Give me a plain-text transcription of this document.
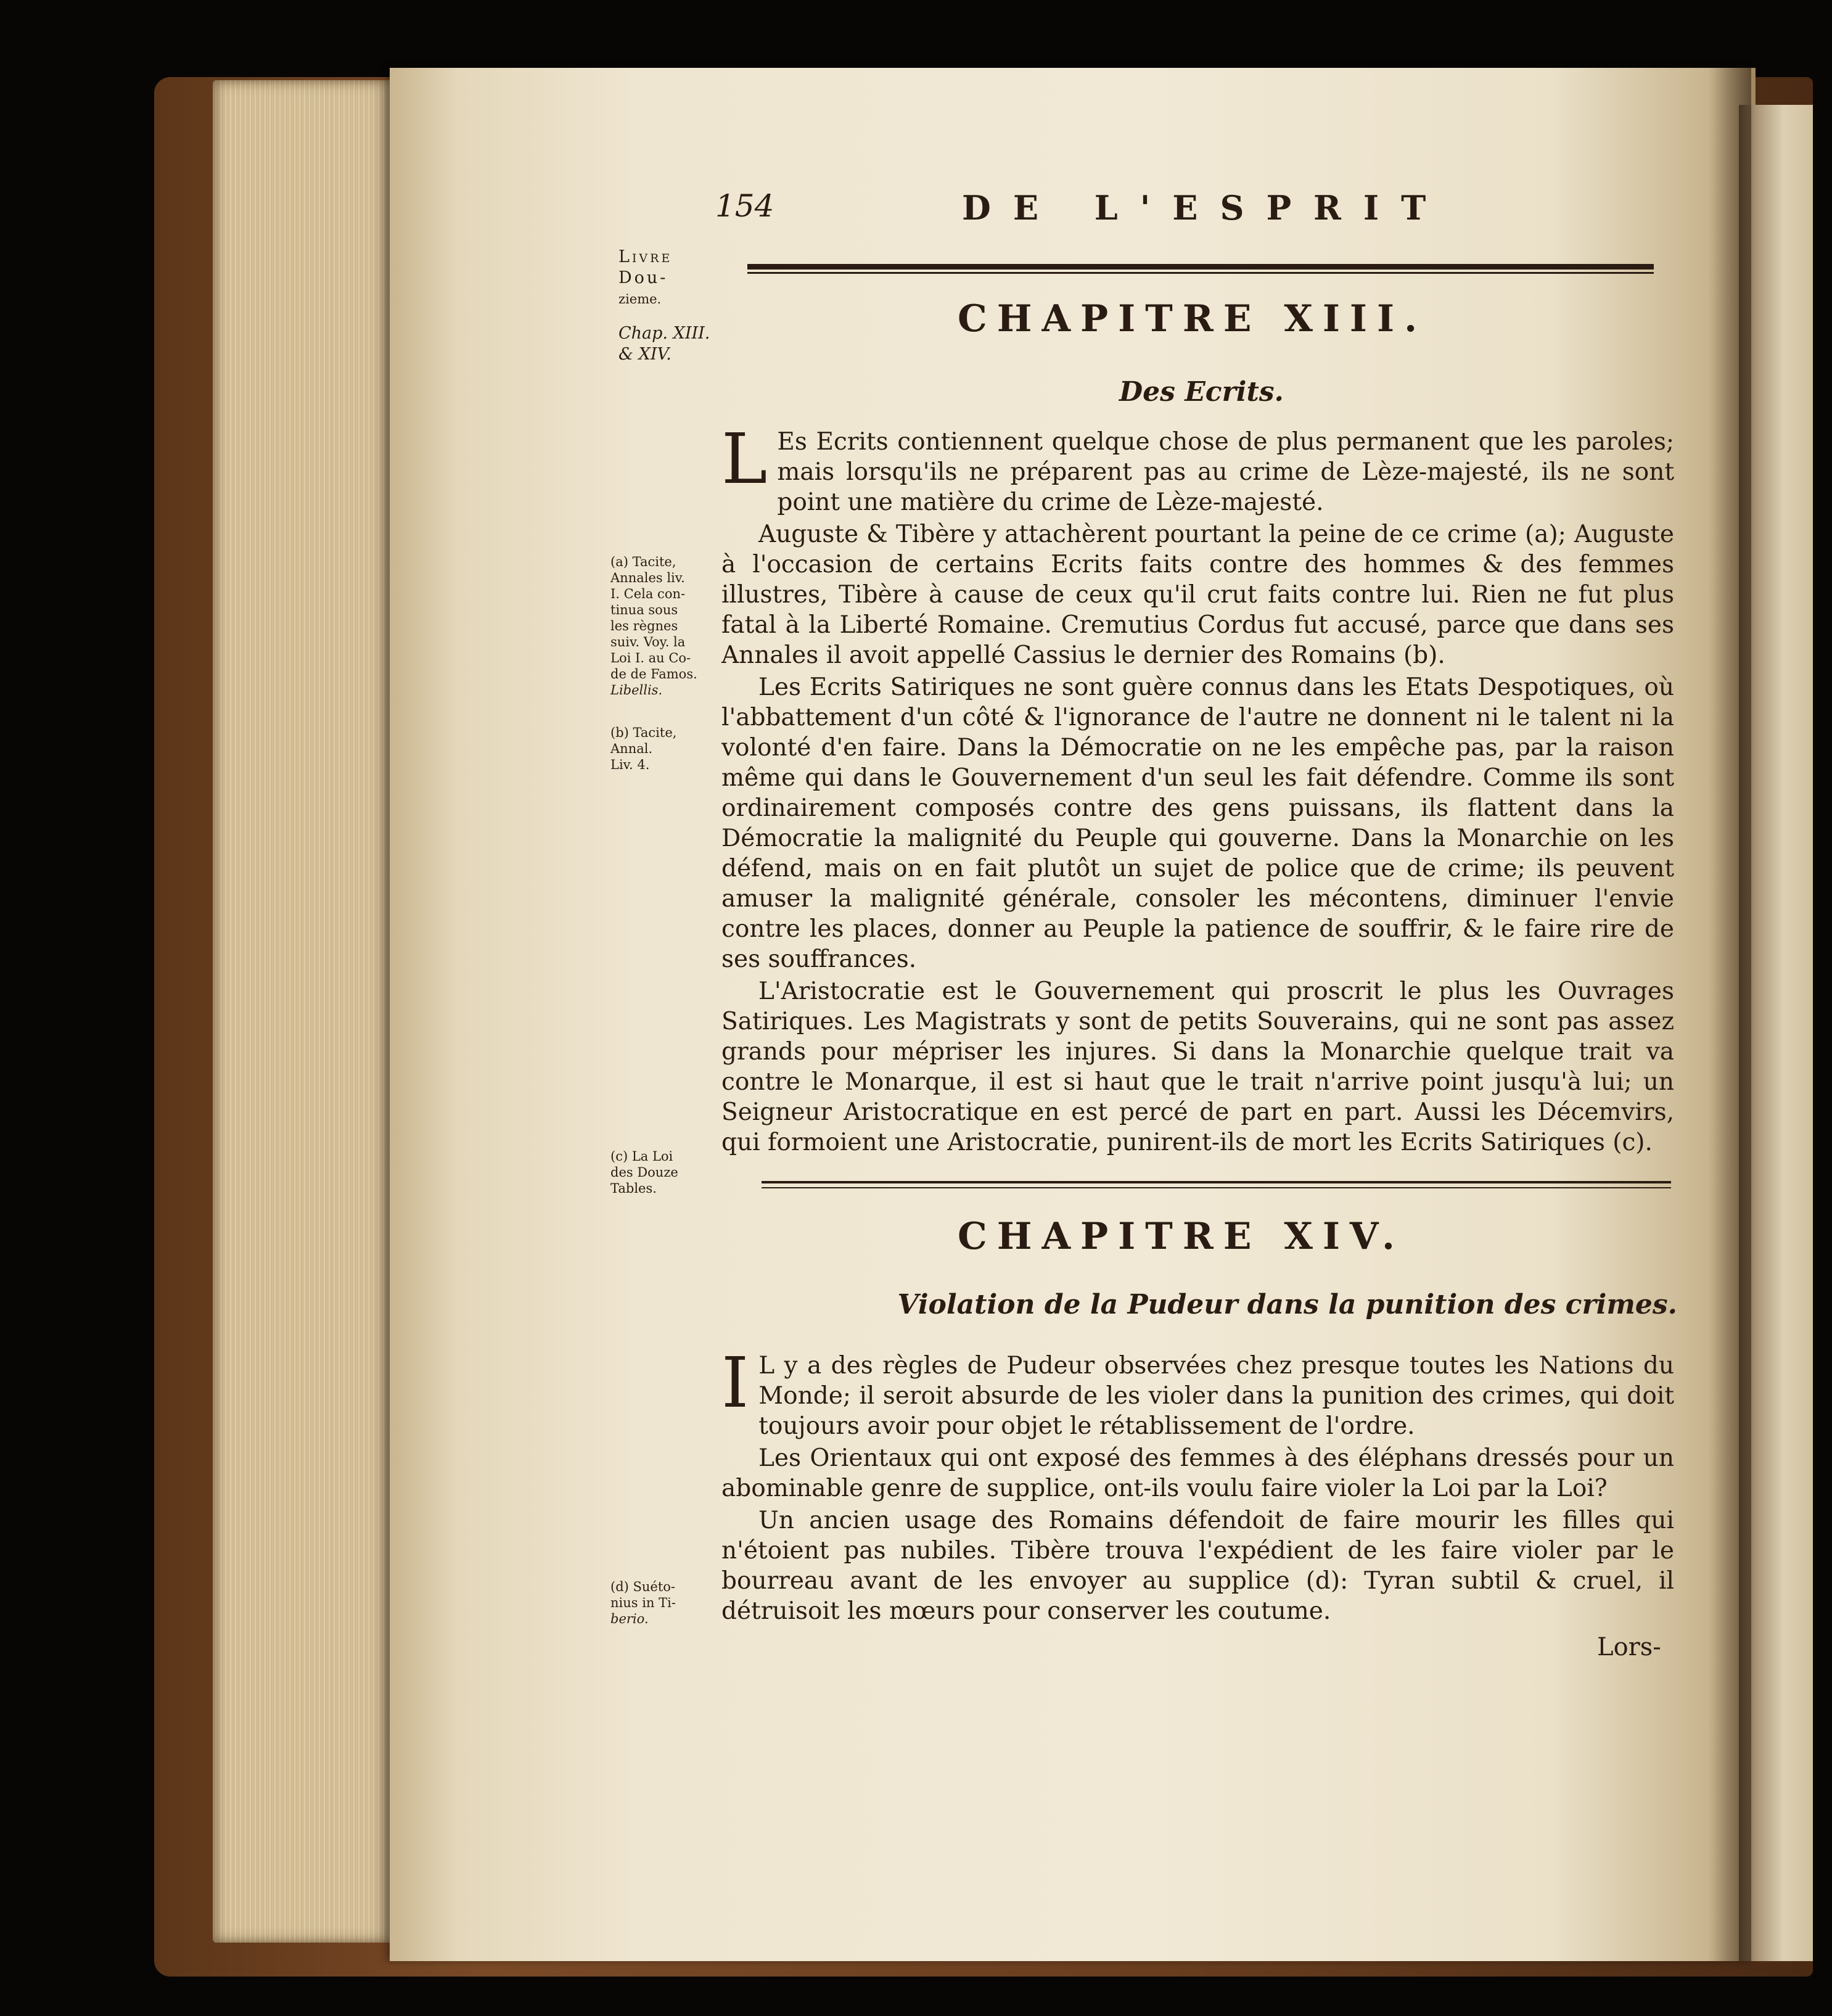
154	DE L'ESPRIT
Livre
Dou-
zieme.
Chap. XIII.
& XIV.
CHAPITRE XIII.
Des Ecrits.

L Es Ecrits contiennent quelque chose de plus permanent que les paroles; mais lorsqu'ils ne préparent pas au crime de Lèze-majesté, ils ne sont point une matière du crime de Lèze-majesté.

Auguste & Tibère y attachèrent pourtant la peine de ce crime (a); Auguste à l'occasion de certains Ecrits faits contre des hommes & des femmes illustres, Tibère à cause de ceux qu'il crut faits contre lui. Rien ne fut plus fatal à la Liberté Romaine. Cremutius Cordus fut accusé, parce que dans ses Annales il avoit appellé Cassius le dernier des Romains (b).

Les Ecrits Satiriques ne sont guère connus dans les Etats Despotiques, où l'abbattement d'un côté & l'ignorance de l'autre ne donnent ni le talent ni la volonté d'en faire. Dans la Démocratie on ne les empêche pas, par la raison même qui dans le Gouvernement d'un seul les fait défendre. Comme ils sont ordinairement composés contre des gens puissans, ils flattent dans la Démocratie la malignité du Peuple qui gouverne. Dans la Monarchie on les défend, mais on en fait plutôt un sujet de police que de crime; ils peuvent amuser la malignité générale, consoler les mécontens, diminuer l'envie contre les places, donner au Peuple la patience de souffrir, & le faire rire de ses souffrances.

L'Aristocratie est le Gouvernement qui proscrit le plus les Ouvrages Satiriques. Les Magistrats y sont de petits Souverains, qui ne sont pas assez grands pour mépriser les injures. Si dans la Monarchie quelque trait va contre le Monarque, il est si haut que le trait n'arrive point jusqu'à lui; un Seigneur Aristocratique en est percé de part en part. Aussi les Décemvirs, qui formoient une Aristocratie, punirent-ils de mort les Ecrits Satiriques (c).

(a) Tacite,
Annales liv.
I. Cela con-
tinua sous
les règnes
suiv. Voy. la
Loi I. au Co-
de de Famos.
Libellis.
(b) Tacite,
Annal.
Liv. 4.
(c) La Loi
des Douze
Tables.
CHAPITRE XIV.
Violation de la Pudeur dans la punition des crimes.

I L y a des règles de Pudeur observées chez presque toutes les Nations du Monde; il seroit absurde de les violer dans la punition des crimes, qui doit toujours avoir pour objet le rétablissement de l'ordre.

Les Orientaux qui ont exposé des femmes à des éléphans dressés pour un abominable genre de supplice, ont-ils voulu faire violer la Loi par la Loi?

Un ancien usage des Romains défendoit de faire mourir les filles qui n'étoient pas nubiles. Tibère trouva l'expédient de les faire violer par le bourreau avant de les envoyer au supplice (d): Tyran subtil & cruel, il détruisoit les mœurs pour conserver les coutume.

(d) Suéto-
nius in Ti-
berio.
Lors-
